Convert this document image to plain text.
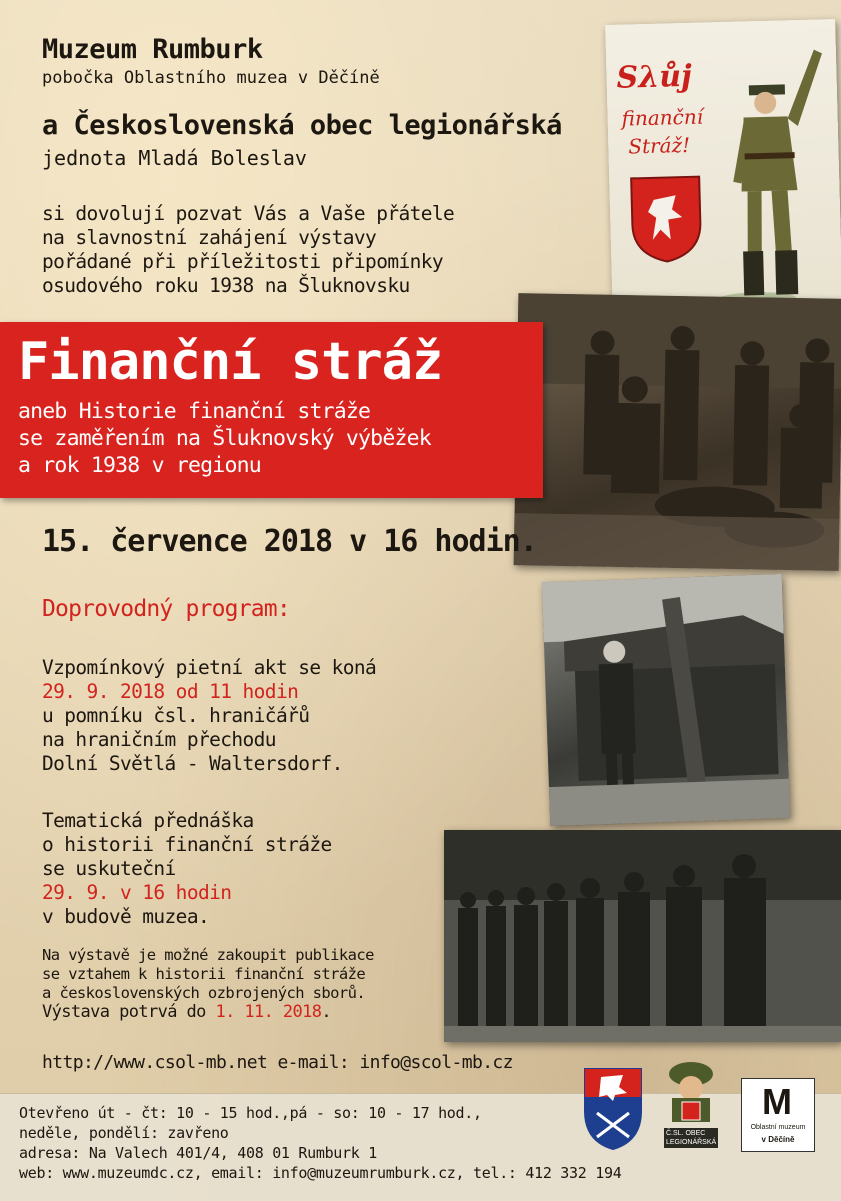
Muzeum Rumburk
pobočka Oblastního muzea v Děčíně
a Československá obec legionářská
jednota Mladá Boleslav
si dovolují pozvat Vás a Vaše přátele
na slavnostní zahájení výstavy
pořádané při příležitosti připomínky
osudového roku 1938 na Šluknovsku
Sλůj
finanční
Stráž!
Finanční stráž
aneb Historie finanční stráže
se zaměřením na Šluknovský výběžek
a rok 1938 v regionu
15. července 2018 v 16 hodin.
Doprovodný program:
Vzpomínkový pietní akt se koná
29. 9. 2018 od 11 hodin
u pomníku čsl. hraničářů
na hraničním přechodu
Dolní Světlá - Waltersdorf.
Tematická přednáška
o historii finanční stráže
se uskuteční
29. 9. v 16 hodin
v budově muzea.
Na výstavě je možné zakoupit publikace
se vztahem k historii finanční stráže
a československých ozbrojených sborů.
Výstava potrvá do 1. 11. 2018.
http://www.csol-mb.net e-mail: info@scol-mb.cz
Otevřeno út - čt: 10 - 15 hod.,pá - so: 10 - 17 hod.,
neděle, pondělí: zavřeno
adresa: Na Valech 401/4, 408 01 Rumburk 1
web: www.muzeumdc.cz, email: info@muzeumrumburk.cz, tel.: 412 332 194
Č.SL. OBEC
LEGIONÁŘSKÁ
M
Oblastní muzeum
v Děčíně
